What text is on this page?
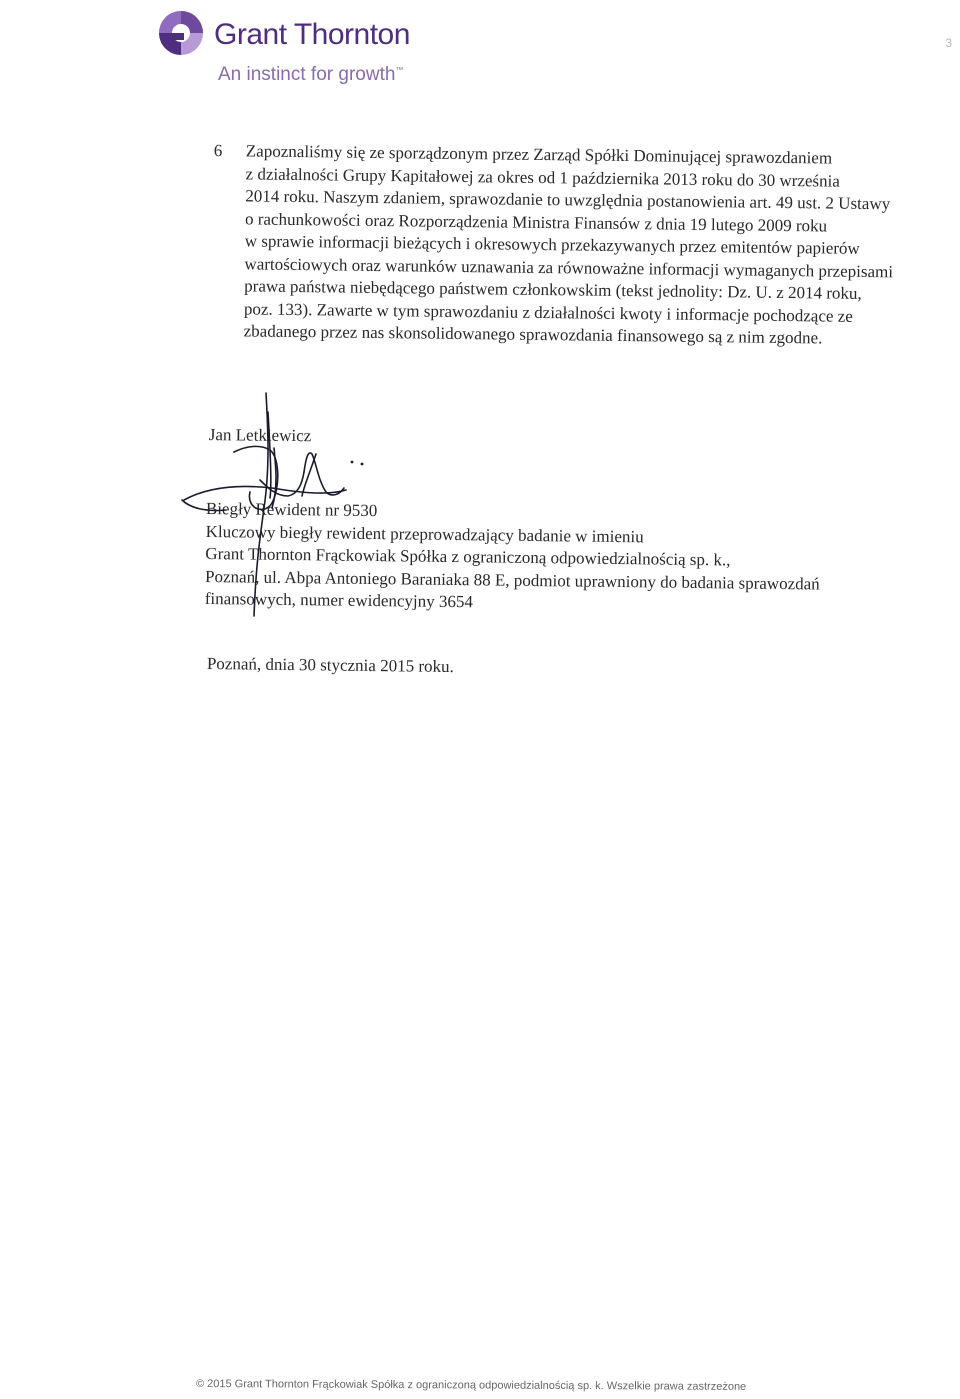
Grant Thornton
An instinct for growth™
3
6 Zapoznaliśmy się ze sporządzonym przez Zarząd Spółki Dominującej sprawozdaniem
z działalności Grupy Kapitałowej za okres od 1 października 2013 roku do 30 września
2014 roku. Naszym zdaniem, sprawozdanie to uwzględnia postanowienia art. 49 ust. 2 Ustawy
o rachunkowości oraz Rozporządzenia Ministra Finansów z dnia 19 lutego 2009 roku
w sprawie informacji bieżących i okresowych przekazywanych przez emitentów papierów
wartościowych oraz warunków uznawania za równoważne informacji wymaganych przepisami
prawa państwa niebędącego państwem członkowskim (tekst jednolity: Dz. U. z 2014 roku,
poz. 133). Zawarte w tym sprawozdaniu z działalności kwoty i informacje pochodzące ze
zbadanego przez nas skonsolidowanego sprawozdania finansowego są z nim zgodne.
Jan Letkiewicz
Biegły Rewident nr 9530
Kluczowy biegły rewident przeprowadzający badanie w imieniu
Grant Thornton Frąckowiak Spółka z ograniczoną odpowiedzialnością sp. k.,
Poznań, ul. Abpa Antoniego Baraniaka 88 E, podmiot uprawniony do badania sprawozdań
finansowych, numer ewidencyjny 3654
Poznań, dnia 30 stycznia 2015 roku.
© 2015 Grant Thornton Frąckowiak Spółka z ograniczoną odpowiedzialnością sp. k. Wszelkie prawa zastrzeżone
